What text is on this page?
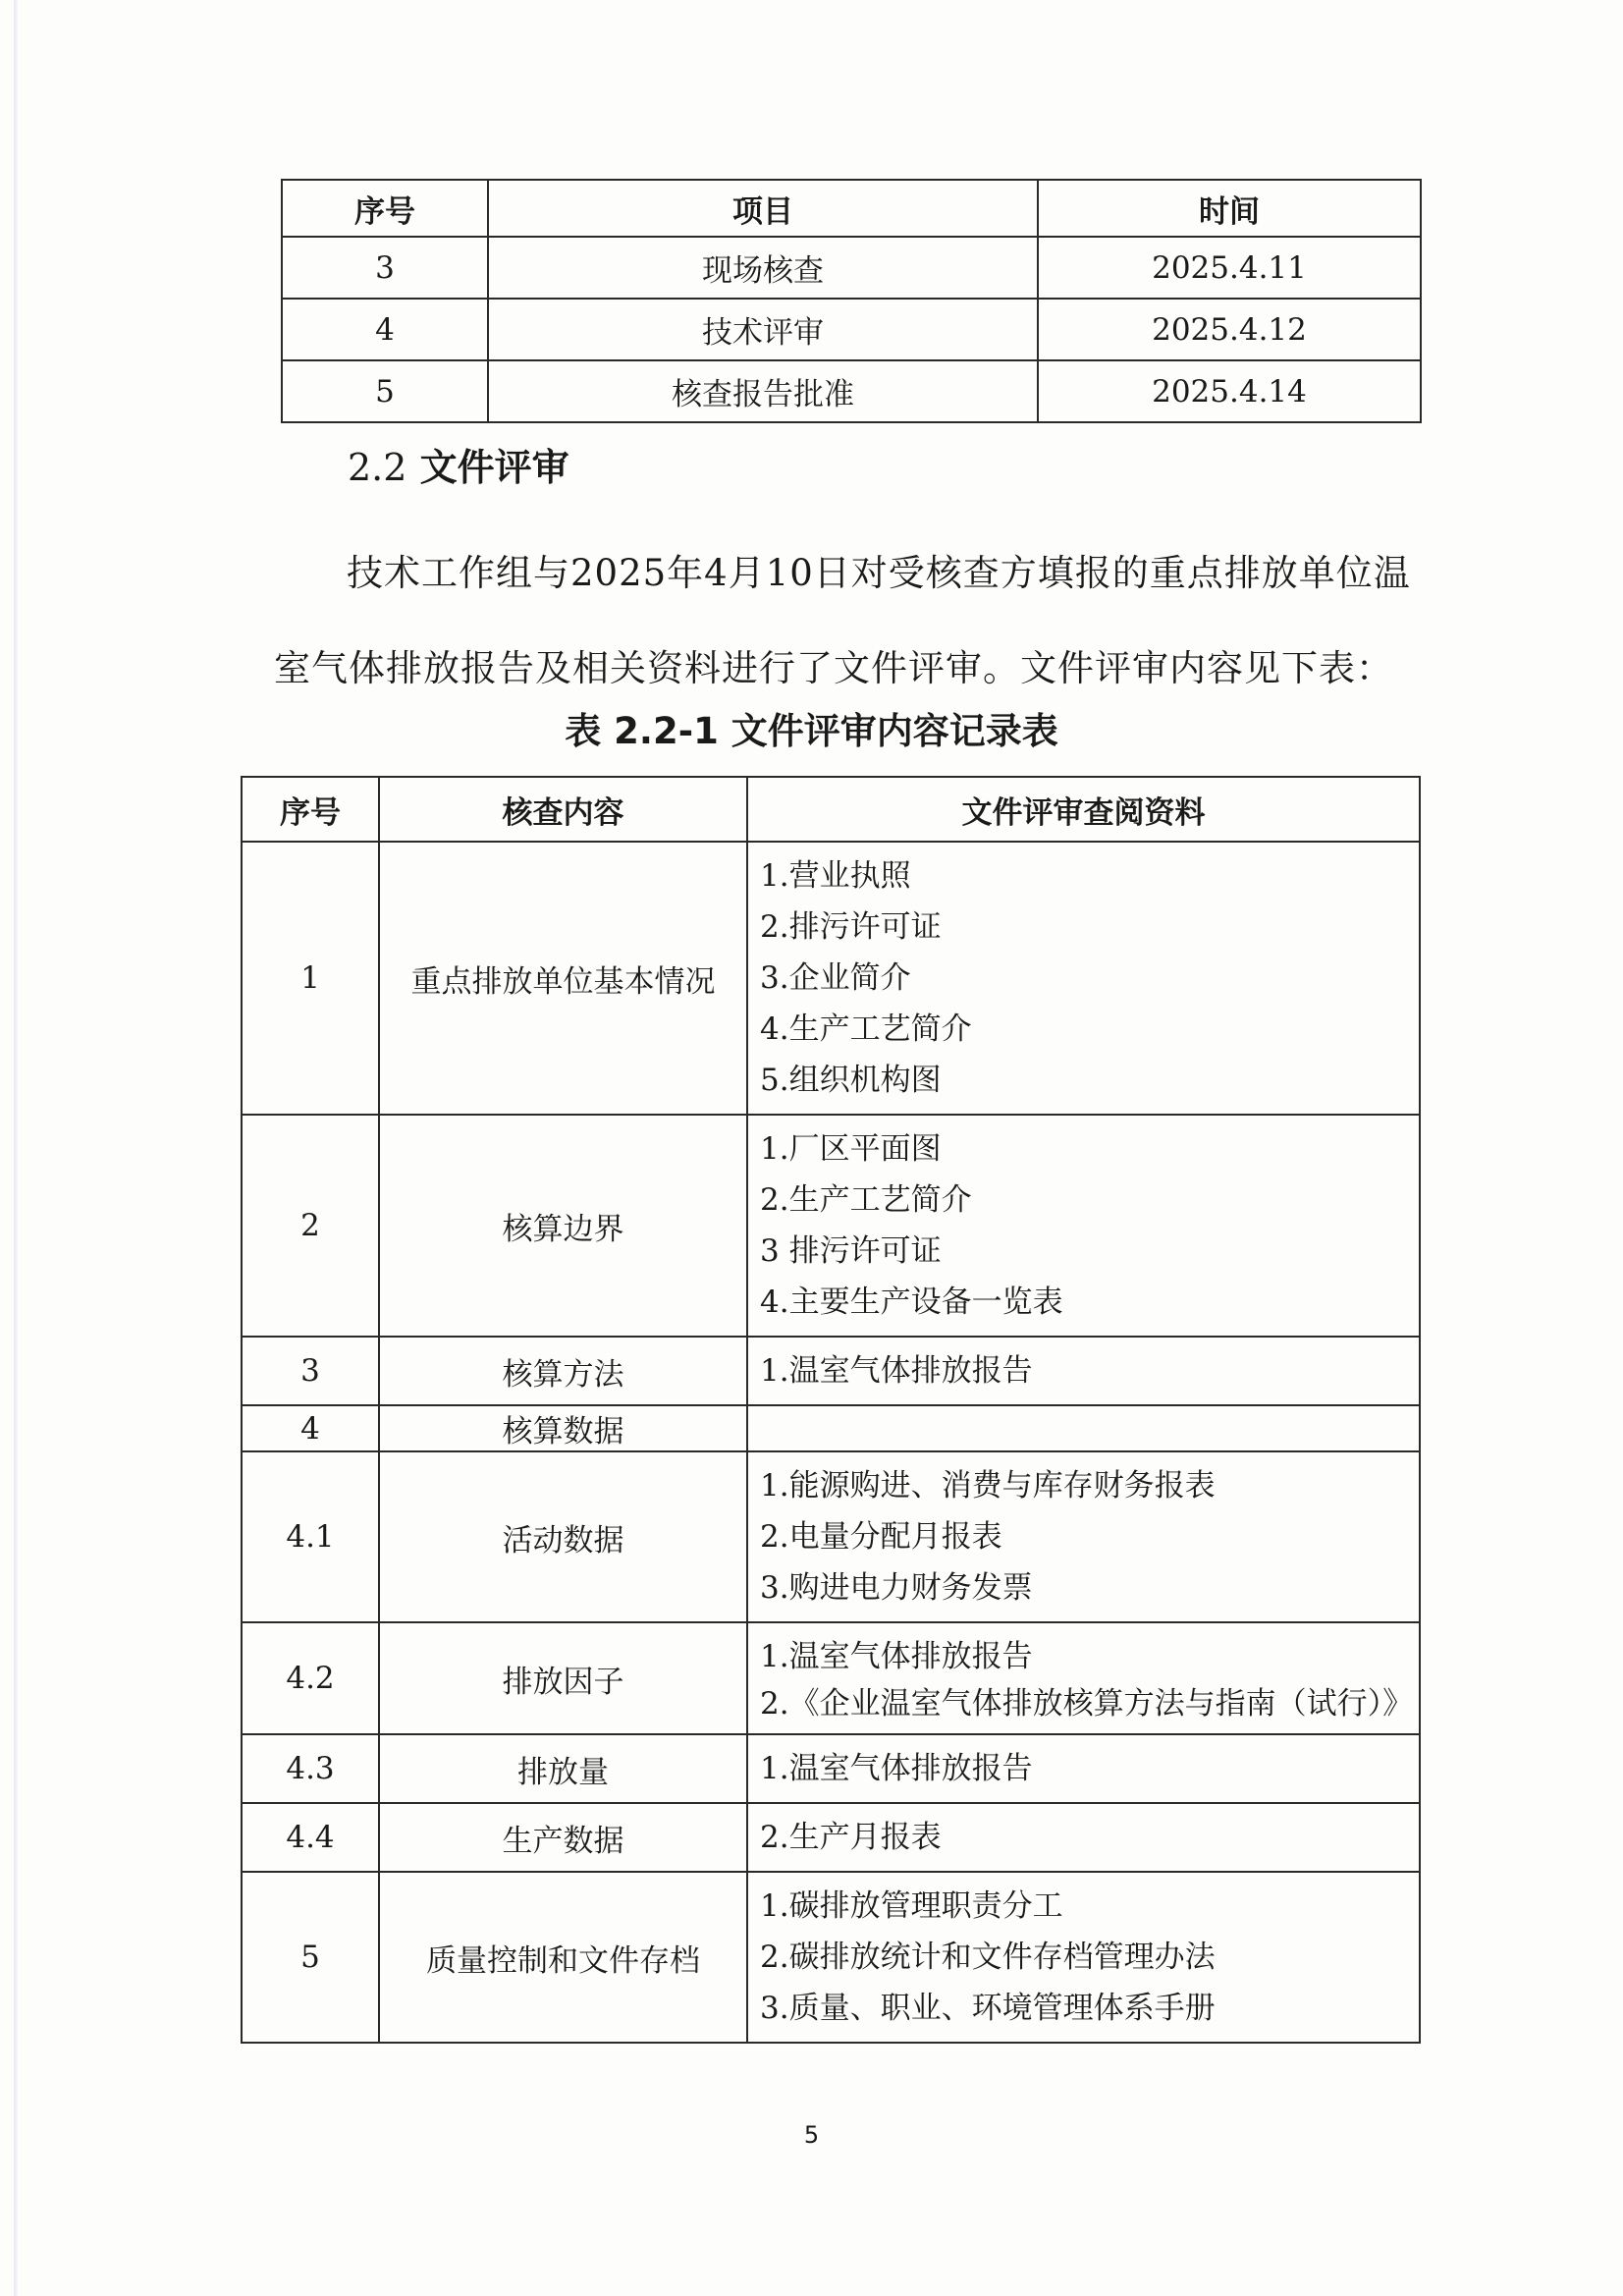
序号	项目	时间
3	现场核查	2025.4.11
4	技术评审	2025.4.12
5	核查报告批准	2025.4.14
2.2 文件评审

技术工作组与2025年4月10日对受核查方填报的重点排放单位温室气体排放报告及相关资料进行了文件评审。文件评审内容见下表：

表 2.2-1 文件评审内容记录表

序号	核查内容	文件评审查阅资料
1	重点排放单位基本情况	1.营业执照
2.排污许可证
3.企业简介
4.生产工艺简介
5.组织机构图

2	核算边界	1.厂区平面图
2.生产工艺简介
3 排污许可证
4.主要生产设备一览表

3	核算方法	1.温室气体排放报告

4	核算数据	

4.1	活动数据	1.能源购进、消费与库存财务报表
2.电量分配月报表
3.购进电力财务发票

4.2	排放因子	1.温室气体排放报告
2.《企业温室气体排放核算方法与指南（试行）》

4.3	排放量	1.温室气体排放报告

4.4	生产数据	2.生产月报表

5	质量控制和文件存档	1.碳排放管理职责分工
2.碳排放统计和文件存档管理办法
3.质量、职业、环境管理体系手册

5
